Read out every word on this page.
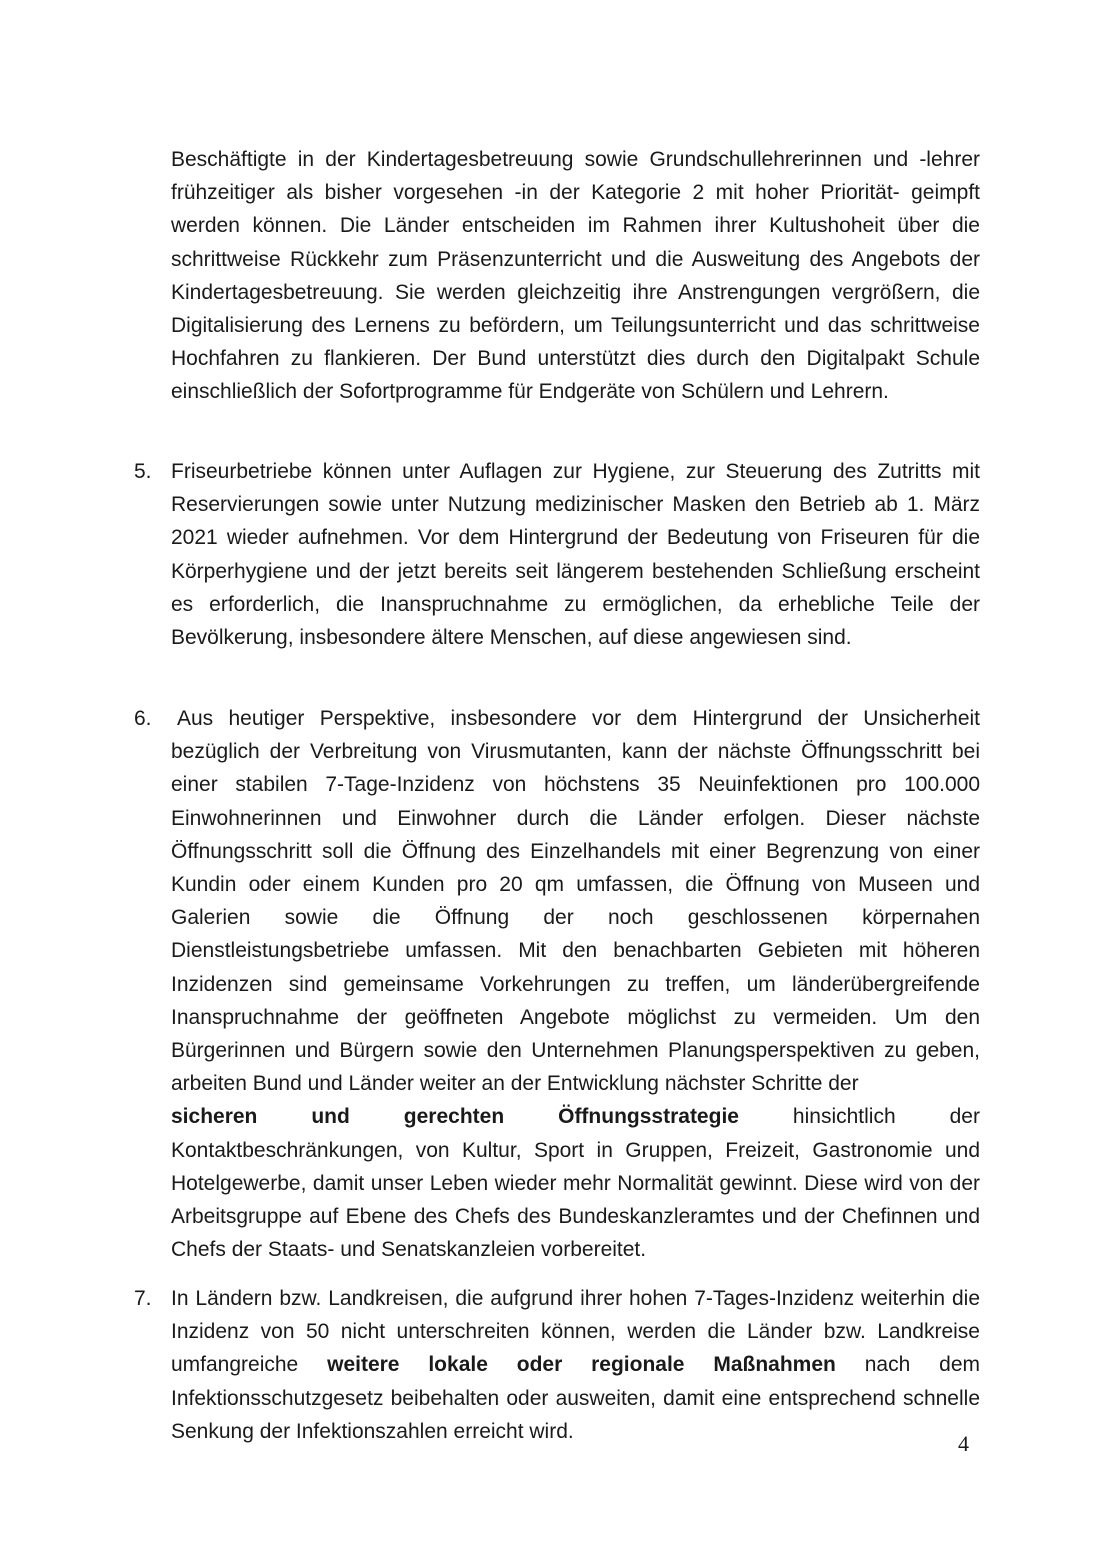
Beschäftigte in der Kindertagesbetreuung sowie Grundschullehrerinnen und -lehrer frühzeitiger als bisher vorgesehen -in der Kategorie 2 mit hoher Priorität- geimpft werden können. Die Länder entscheiden im Rahmen ihrer Kultushoheit über die schrittweise Rückkehr zum Präsenzunterricht und die Ausweitung des Angebots der Kindertagesbetreuung. Sie werden gleichzeitig ihre Anstrengungen vergrößern, die Digitalisierung des Lernens zu befördern, um Teilungsunterricht und das schrittweise Hochfahren zu flankieren. Der Bund unterstützt dies durch den Digitalpakt Schule einschließlich der Sofortprogramme für Endgeräte von Schülern und Lehrern.

5. Friseurbetriebe können unter Auflagen zur Hygiene, zur Steuerung des Zutritts mit Reservierungen sowie unter Nutzung medizinischer Masken den Betrieb ab 1. März 2021 wieder aufnehmen. Vor dem Hintergrund der Bedeutung von Friseuren für die Körperhygiene und der jetzt bereits seit längerem bestehenden Schließung erscheint es erforderlich, die Inanspruchnahme zu ermöglichen, da erhebliche Teile der Bevölkerung, insbesondere ältere Menschen, auf diese angewiesen sind.

6. Aus heutiger Perspektive, insbesondere vor dem Hintergrund der Unsicherheit bezüglich der Verbreitung von Virusmutanten, kann der nächste Öffnungsschritt bei einer stabilen 7-Tage-Inzidenz von höchstens 35 Neuinfektionen pro 100.000 Einwohnerinnen und Einwohner durch die Länder erfolgen. Dieser nächste Öffnungsschritt soll die Öffnung des Einzelhandels mit einer Begrenzung von einer Kundin oder einem Kunden pro 20 qm umfassen, die Öffnung von Museen und Galerien sowie die Öffnung der noch geschlossenen körpernahen Dienstleistungsbetriebe umfassen. Mit den benachbarten Gebieten mit höheren Inzidenzen sind gemeinsame Vorkehrungen zu treffen, um länderübergreifende Inanspruchnahme der geöffneten Angebote möglichst zu vermeiden. Um den Bürgerinnen und Bürgern sowie den Unternehmen Planungsperspektiven zu geben, arbeiten Bund und Länder weiter an der Entwicklung nächster Schritte der
sicheren	und	gerechten	Öffnungsstrategie	hinsichtlich	der
Kontaktbeschränkungen, von Kultur, Sport in Gruppen, Freizeit, Gastronomie und Hotelgewerbe, damit unser Leben wieder mehr Normalität gewinnt. Diese wird von der Arbeitsgruppe auf Ebene des Chefs des Bundeskanzleramtes und der Chefinnen und Chefs der Staats- und Senatskanzleien vorbereitet.

7. In Ländern bzw. Landkreisen, die aufgrund ihrer hohen 7-Tages-Inzidenz weiterhin die Inzidenz von 50 nicht unterschreiten können, werden die Länder bzw. Landkreise umfangreiche weitere lokale oder regionale Maßnahmen nach dem Infektionsschutzgesetz beibehalten oder ausweiten, damit eine entsprechend schnelle Senkung der Infektionszahlen erreicht wird.	4
